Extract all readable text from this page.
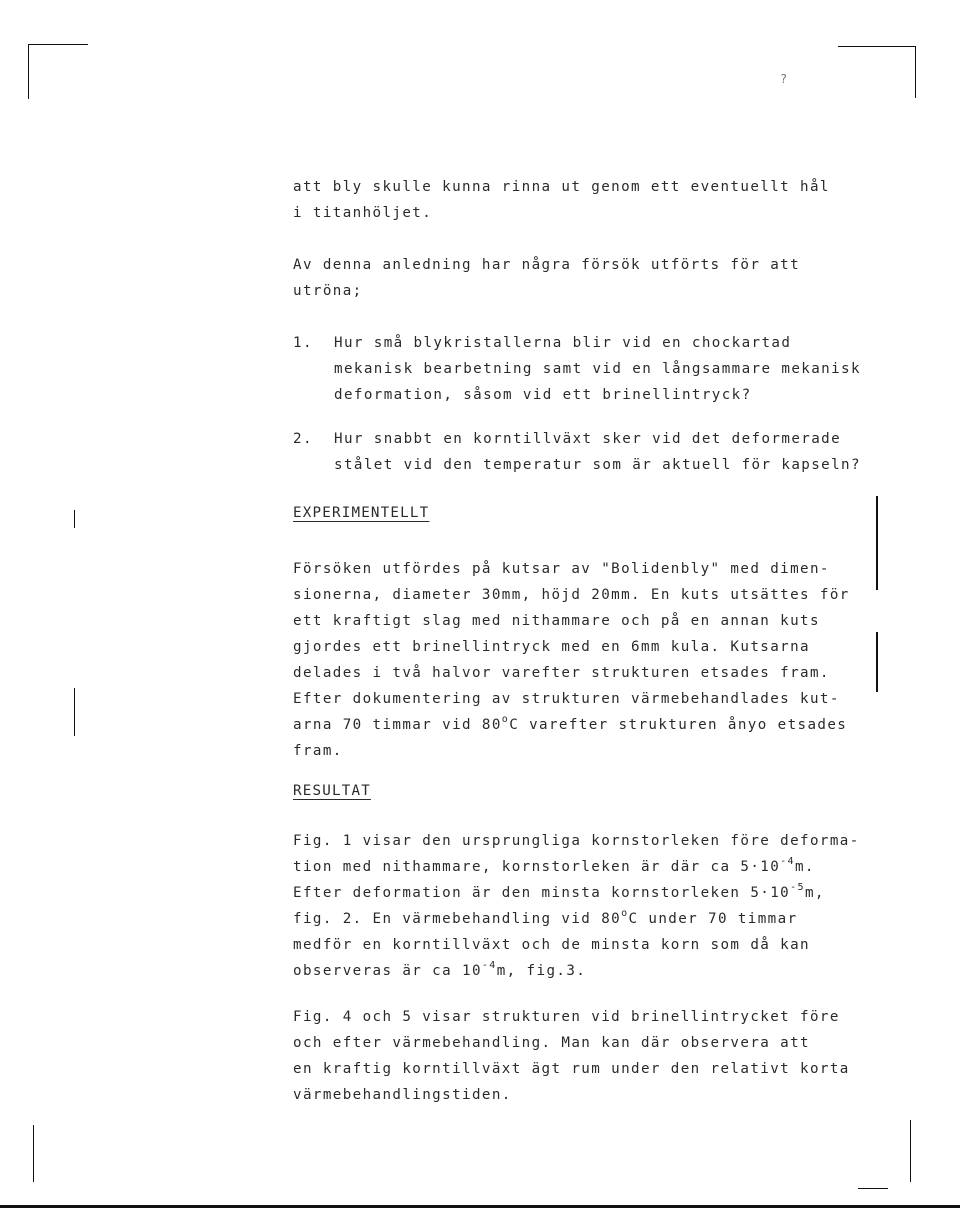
?
att bly skulle kunna rinna ut genom ett eventuellt hål
i titanhöljet.
Av denna anledning har några försök utförts för att
utröna;
1. Hur små blykristallerna blir vid en chockartad
mekanisk bearbetning samt vid en långsammare mekanisk
deformation, såsom vid ett brinellintryck?
2. Hur snabbt en korntillväxt sker vid det deformerade
stålet vid den temperatur som är aktuell för kapseln?
EXPERIMENTELLT
Försöken utfördes på kutsar av "Bolidenbly" med dimen-
sionerna, diameter 30mm, höjd 20mm. En kuts utsättes för
ett kraftigt slag med nithammare och på en annan kuts
gjordes ett brinellintryck med en 6mm kula. Kutsarna
delades i två halvor varefter strukturen etsades fram.
Efter dokumentering av strukturen värmebehandlades kut-
arna 70 timmar vid 80$^o$C varefter strukturen ånyo etsades
fram.
RESULTAT
Fig. 1 visar den ursprungliga kornstorleken före deforma-
tion med nithammare, kornstorleken är där ca $5\cdot 10^{-4}m$.
Efter deformation är den minsta kornstorleken $5\cdot 10^{-5}m$,
fig. 2. En värmebehandling vid 80$^o$C under 70 timmar
medför en korntillväxt och de minsta korn som då kan
observeras är ca $10^{-4}m$, fig.3.
Fig. 4 och 5 visar strukturen vid brinellintrycket före
och efter värmebehandling. Man kan där observera att
en kraftig korntillväxt ägt rum under den relativt korta
värmebehandlingstiden.
